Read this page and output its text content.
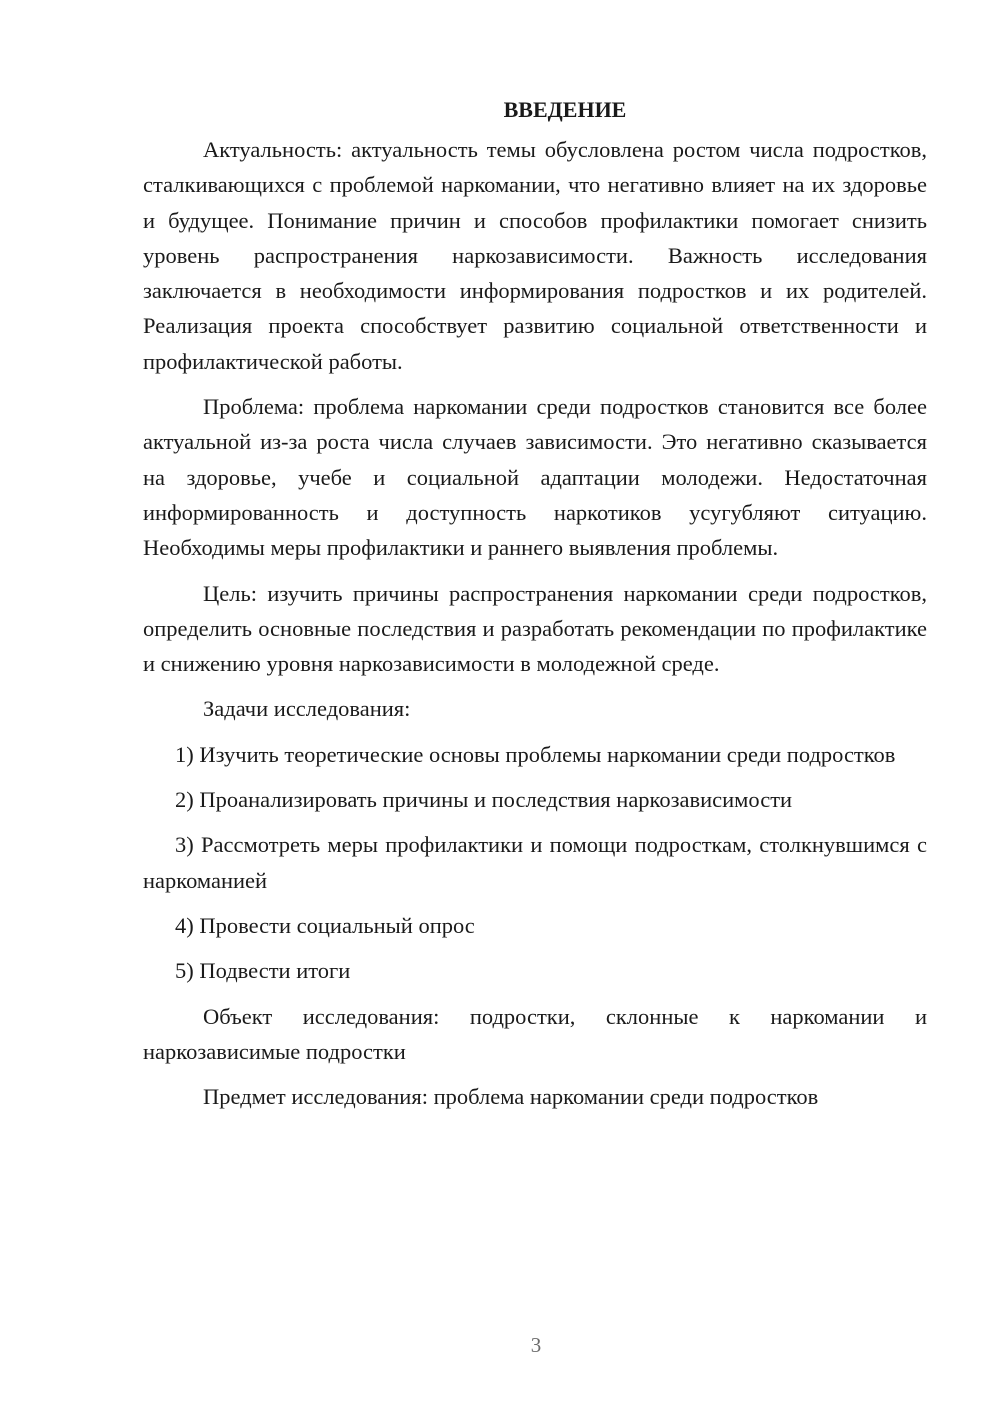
ВВЕДЕНИЕ

Актуальность: актуальность темы обусловлена ростом числа подростков, сталкивающихся с проблемой наркомании, что негативно влияет на их здоровье и будущее. Понимание причин и способов профилактики помогает снизить уровень распространения наркозависимости. Важность исследования заключается в необходимости информирования подростков и их родителей. Реализация проекта способствует развитию социальной ответственности и профилактической работы.

Проблема: проблема наркомании среди подростков становится все более актуальной из-за роста числа случаев зависимости. Это негативно сказывается на здоровье, учебе и социальной адаптации молодежи. Недостаточная информированность и доступность наркотиков усугубляют ситуацию. Необходимы меры профилактики и раннего выявления проблемы.

Цель: изучить причины распространения наркомании среди подростков, определить основные последствия и разработать рекомендации по профилактике и снижению уровня наркозависимости в молодежной среде.

Задачи исследования:

1) Изучить теоретические основы проблемы наркомании среди подростков

2) Проанализировать причины и последствия наркозависимости

3) Рассмотреть меры профилактики и помощи подросткам, столкнувшимся с наркоманией

4) Провести социальный опрос

5) Подвести итоги

Объект исследования: подростки, склонные к наркомании и наркозависимые подростки

Предмет исследования: проблема наркомании среди подростков

3
